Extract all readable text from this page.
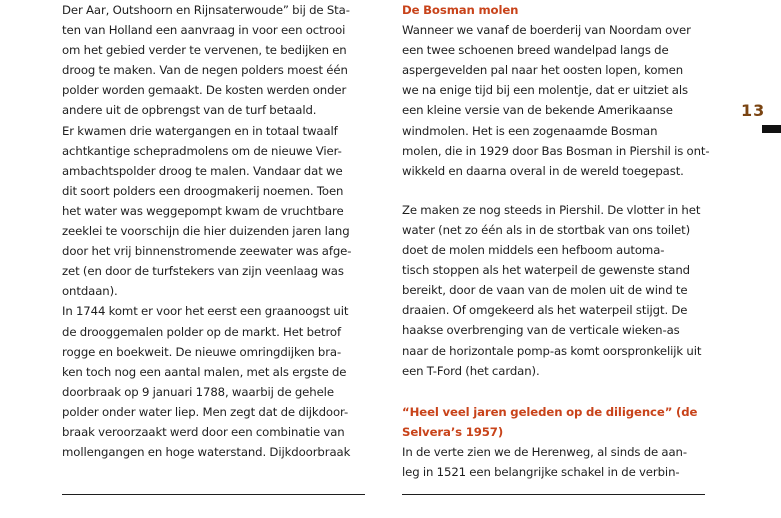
Der Aar, Outshoorn en Rijnsaterwoude” bij de Sta-
ten van Holland een aanvraag in voor een octrooi
om het gebied verder te vervenen, te bedijken en
droog te maken. Van de negen polders moest één
polder worden gemaakt. De kosten werden onder
andere uit de opbrengst van de turf betaald.
Er kwamen drie watergangen en in totaal twaalf
achtkantige schepradmolens om de nieuwe Vier-
ambachtspolder droog te malen. Vandaar dat we
dit soort polders een droogmakerij noemen. Toen
het water was weggepompt kwam de vruchtbare
zeeklei te voorschijn die hier duizenden jaren lang
door het vrij binnenstromende zeewater was afge-
zet (en door de turfstekers van zijn veenlaag was
ontdaan).
In 1744 komt er voor het eerst een graanoogst uit
de drooggemalen polder op de markt. Het betrof
rogge en boekweit. De nieuwe omringdijken bra-
ken toch nog een aantal malen, met als ergste de
doorbraak op 9 januari 1788, waarbij de gehele
polder onder water liep. Men zegt dat de dijkdoor-
braak veroorzaakt werd door een combinatie van
mollengangen en hoge waterstand. Dijkdoorbraak
De Bosman molen
Wanneer we vanaf de boerderij van Noordam over
een twee schoenen breed wandelpad langs de
aspergevelden pal naar het oosten lopen, komen
we na enige tijd bij een molentje, dat er uitziet als
een kleine versie van de bekende Amerikaanse
windmolen. Het is een zogenaamde Bosman
molen, die in 1929 door Bas Bosman in Piershil is ont-
wikkeld en daarna overal in de wereld toegepast.
Ze maken ze nog steeds in Piershil. De vlotter in het
water (net zo één als in de stortbak van ons toilet)
doet de molen middels een hefboom automa-
tisch stoppen als het waterpeil de gewenste stand
bereikt, door de vaan van de molen uit de wind te
draaien. Of omgekeerd als het waterpeil stijgt. De
haakse overbrenging van de verticale wieken-as
naar de horizontale pomp-as komt oorspronkelijk uit
een T-Ford (het cardan).
“Heel veel jaren geleden op de diligence” (de
Selvera’s 1957)
In de verte zien we de Herenweg, al sinds de aan-
leg in 1521 een belangrijke schakel in de verbin-
13
